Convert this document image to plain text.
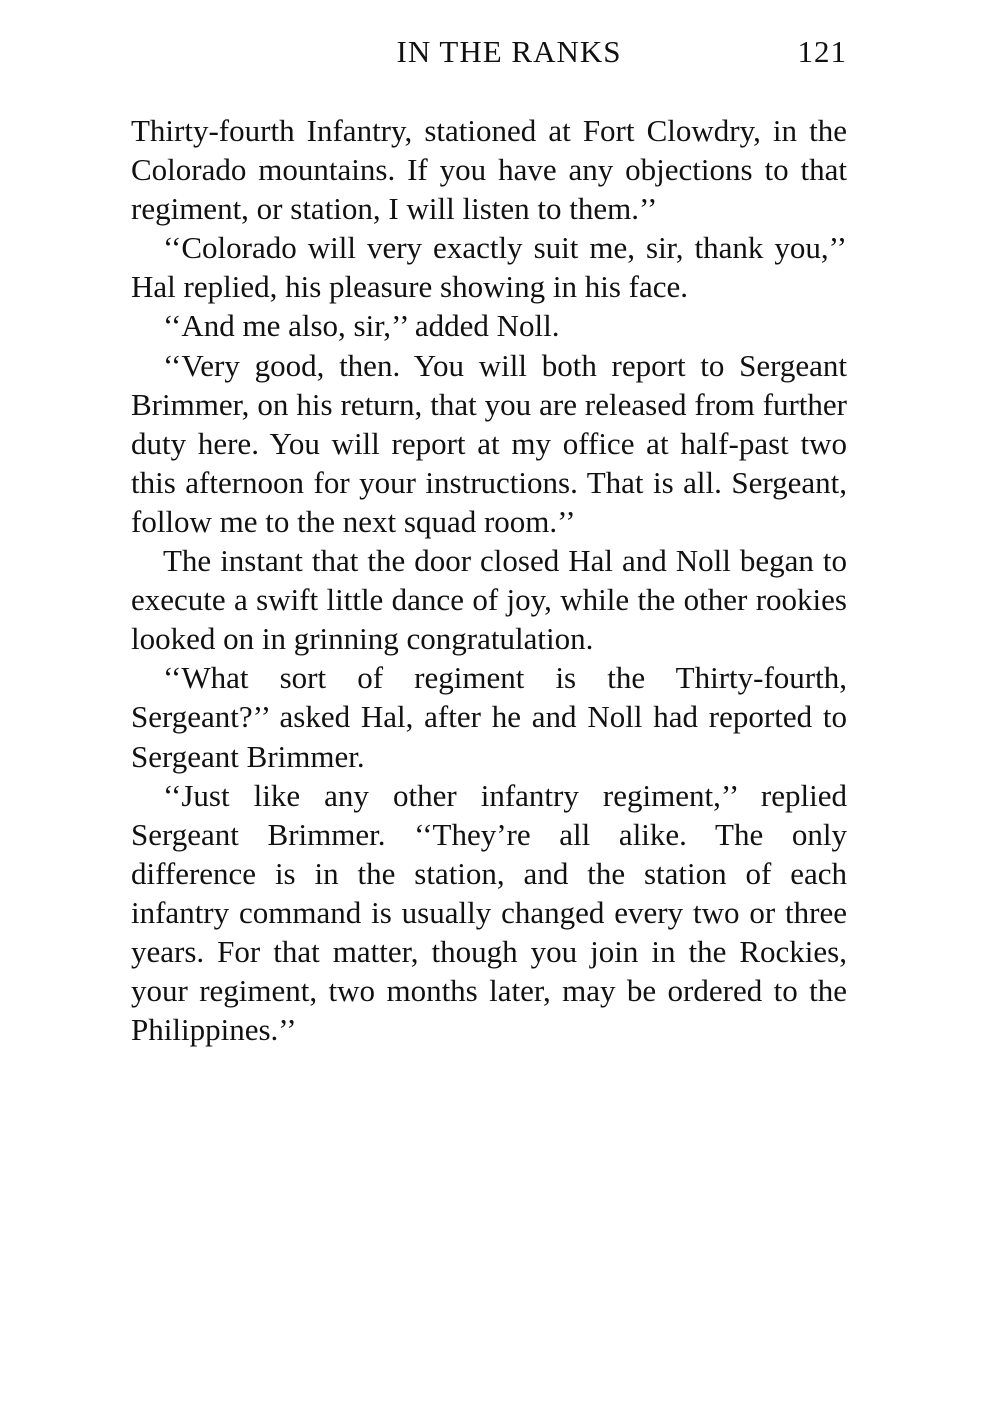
IN THE RANKS	121

Thirty-fourth Infantry, stationed at Fort Clowdry, in the Colorado mountains. If you have any objections to that regiment, or station, I will listen to them.’’

‘‘Colorado will very exactly suit me, sir, thank you,’’ Hal replied, his pleasure showing in his face.

‘‘And me also, sir,’’ added Noll.

‘‘Very good, then. You will both report to Sergeant Brimmer, on his return, that you are released from further duty here. You will report at my office at half-past two this afternoon for your instructions. That is all. Sergeant, follow me to the next squad room.’’

The instant that the door closed Hal and Noll began to execute a swift little dance of joy, while the other rookies looked on in grinning congratulation.

‘‘What sort of regiment is the Thirty-fourth, Sergeant?’’ asked Hal, after he and Noll had reported to Sergeant Brimmer.

‘‘Just like any other infantry regiment,’’ replied Sergeant Brimmer. ‘‘They’re all alike. The only difference is in the station, and the station of each infantry command is usually changed every two or three years. For that matter, though you join in the Rockies, your regiment, two months later, may be ordered to the Philippines.’’
